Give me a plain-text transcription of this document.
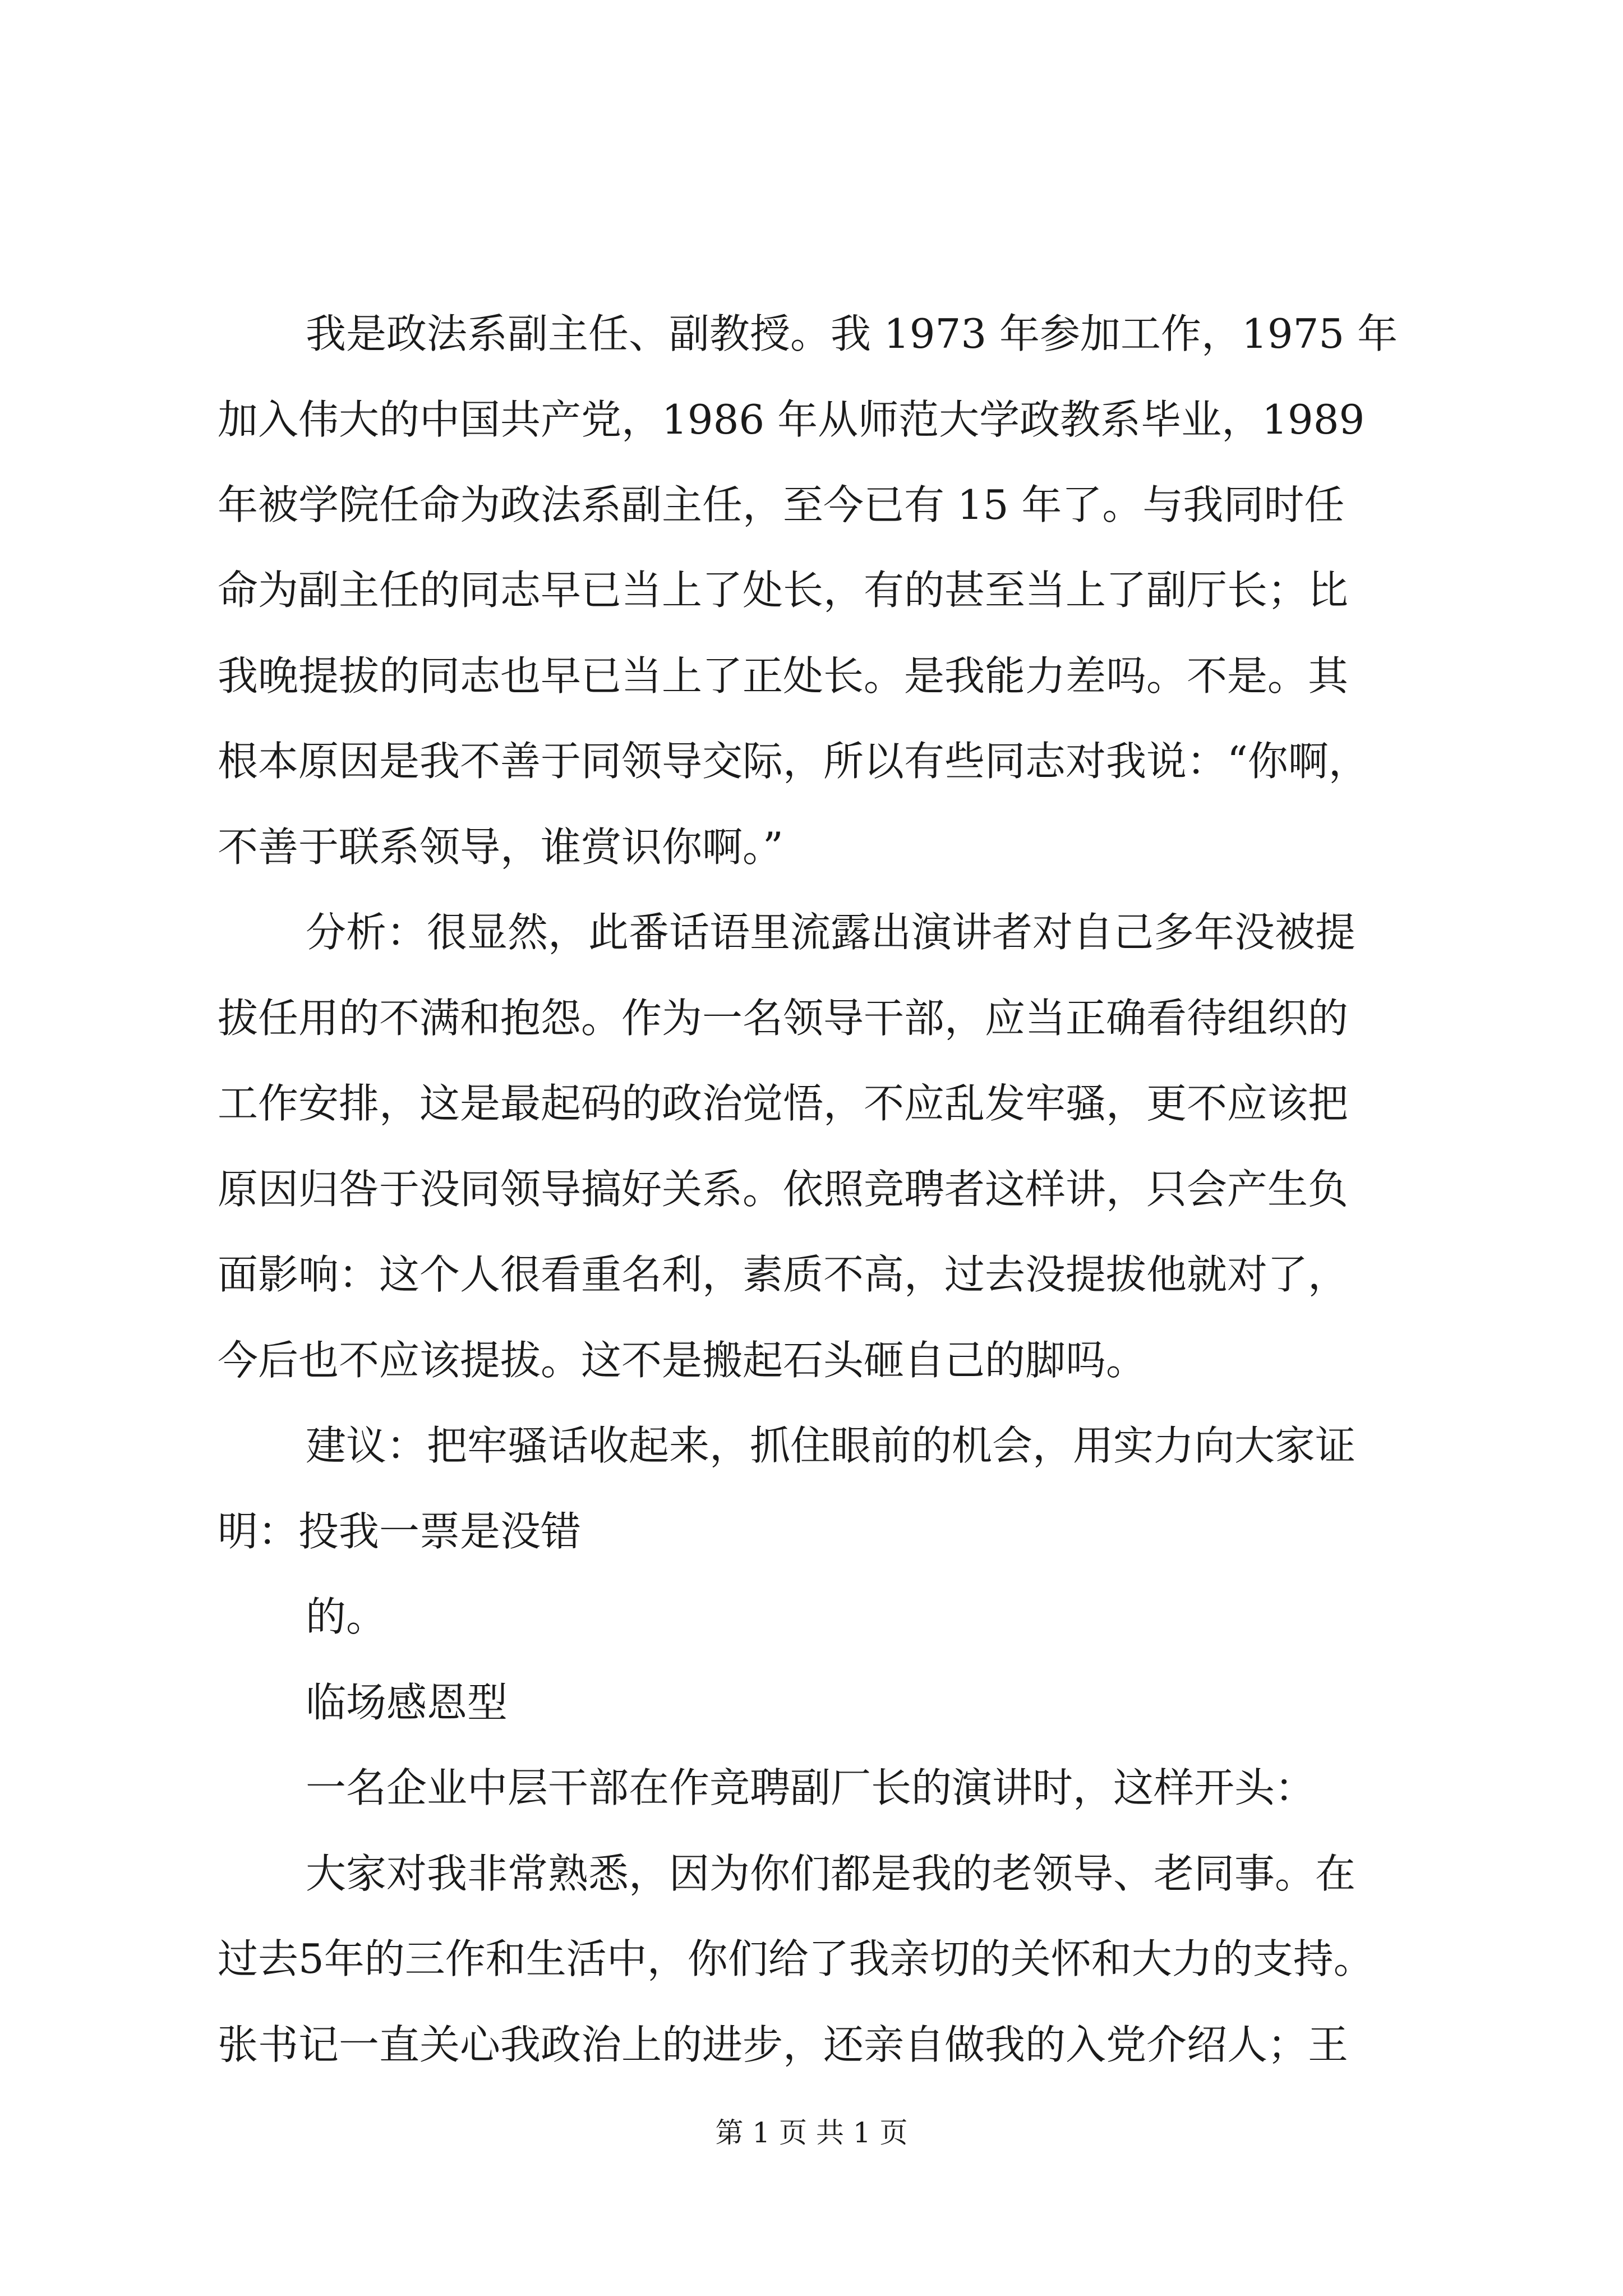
我是政法系副主任、副教授。我 1973 年参加工作，1975 年

加入伟大的中国共产党，1986 年从师范大学政教系毕业，1989

年被学院任命为政法系副主任，至今已有 15 年了。与我同时任

命为副主任的同志早已当上了处长，有的甚至当上了副厅长；比

我晚提拔的同志也早已当上了正处长。是我能力差吗。不是。其

根本原因是我不善于同领导交际，所以有些同志对我说：“你啊，

不善于联系领导，谁赏识你啊。”

分析：很显然，此番话语里流露出演讲者对自己多年没被提

拔任用的不满和抱怨。作为一名领导干部，应当正确看待组织的

工作安排，这是最起码的政治觉悟，不应乱发牢骚，更不应该把

原因归咎于没同领导搞好关系。依照竞聘者这样讲，只会产生负

面影响：这个人很看重名利，素质不高，过去没提拔他就对了，

今后也不应该提拔。这不是搬起石头砸自己的脚吗。

建议：把牢骚话收起来，抓住眼前的机会，用实力向大家证

明：投我一票是没错

的。

临场感恩型

一名企业中层干部在作竞聘副厂长的演讲时，这样开头：

大家对我非常熟悉，因为你们都是我的老领导、老同事。在

过去5年的三作和生活中，你们给了我亲切的关怀和大力的支持。

张书记一直关心我政治上的进步，还亲自做我的入党介绍人；王

第 1 页 共 1 页
